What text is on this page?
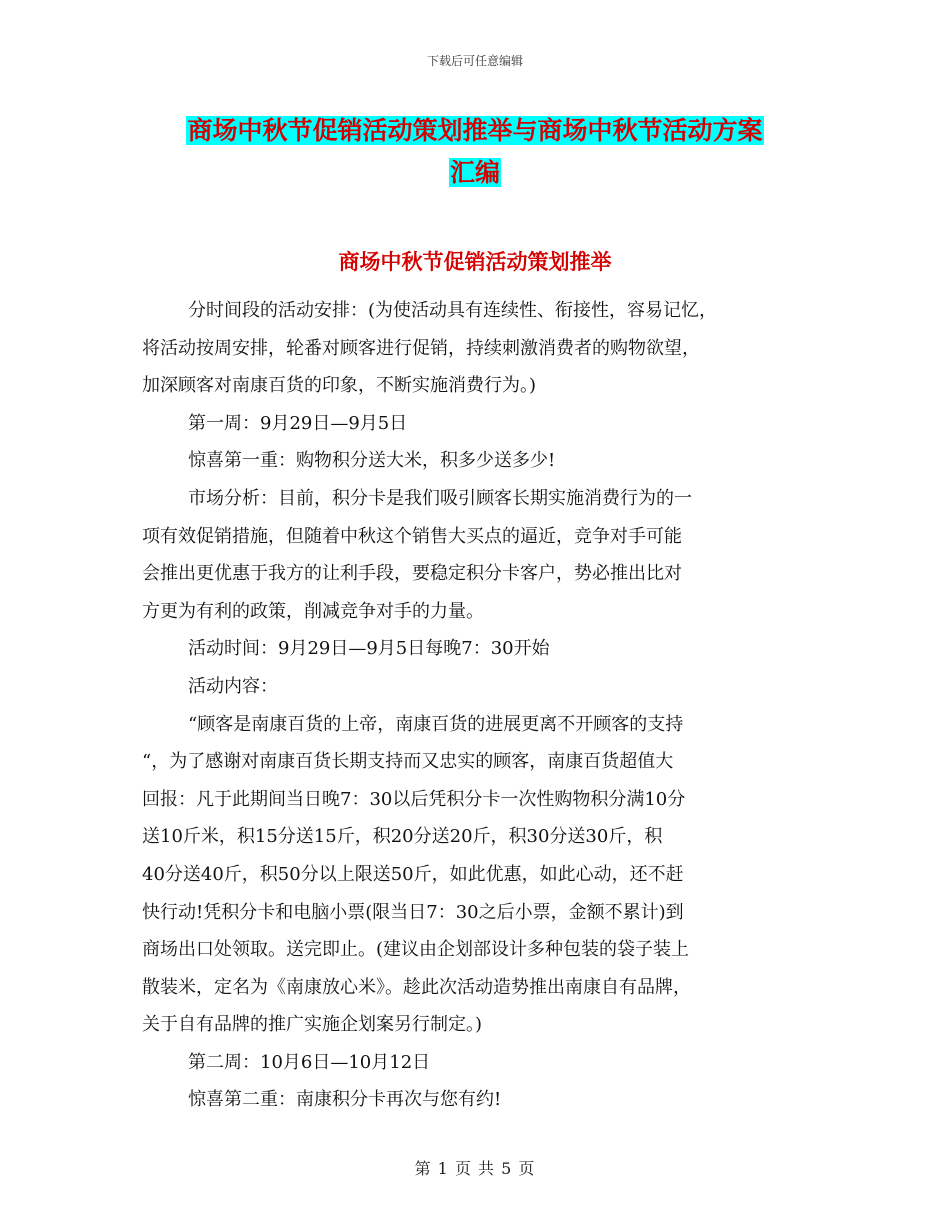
下载后可任意编辑
商场中秋节促销活动策划推举与商场中秋节活动方案
汇编
商场中秋节促销活动策划推举
分时间段的活动安排：(为使活动具有连续性、衔接性，容易记忆，
将活动按周安排，轮番对顾客进行促销，持续刺激消费者的购物欲望，
加深顾客对南康百货的印象，不断实施消费行为。)
第一周：9月29日—9月5日
惊喜第一重：购物积分送大米，积多少送多少!
市场分析：目前，积分卡是我们吸引顾客长期实施消费行为的一
项有效促销措施，但随着中秋这个销售大买点的逼近，竞争对手可能
会推出更优惠于我方的让利手段，要稳定积分卡客户，势必推出比对
方更为有利的政策，削减竞争对手的力量。
活动时间：9月29日—9月5日每晚7：30开始
活动内容：
“顾客是南康百货的上帝，南康百货的进展更离不开顾客的支持
“，为了感谢对南康百货长期支持而又忠实的顾客，南康百货超值大
回报：凡于此期间当日晚7：30以后凭积分卡一次性购物积分满10分
送10斤米，积15分送15斤，积20分送20斤，积30分送30斤，积
40分送40斤，积50分以上限送50斤，如此优惠，如此心动，还不赶
快行动!凭积分卡和电脑小票(限当日7：30之后小票，金额不累计)到
商场出口处领取。送完即止。(建议由企划部设计多种包装的袋子装上
散装米，定名为《南康放心米》。趁此次活动造势推出南康自有品牌，
关于自有品牌的推广实施企划案另行制定。)
第二周：10月6日—10月12日
惊喜第二重：南康积分卡再次与您有约!
第 1 页 共 5 页
